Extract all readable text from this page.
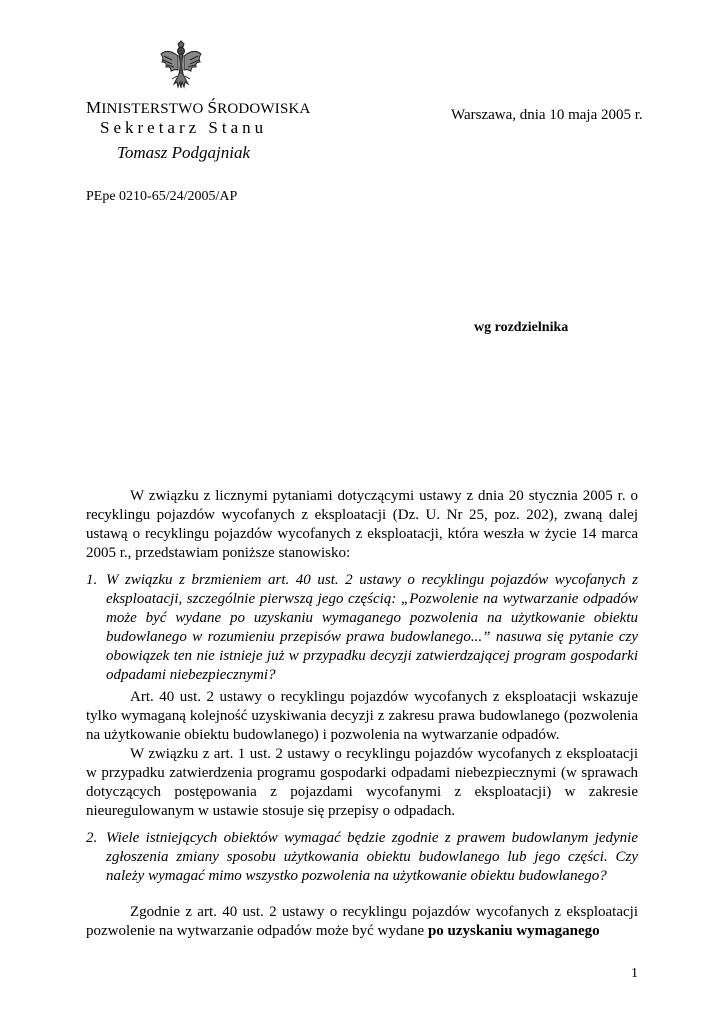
MINISTERSTWO ŚRODOWISKA
Sekretarz Stanu
Tomasz Podgajniak
Warszawa, dnia 10 maja 2005 r.
PEpe 0210-65/24/2005/AP
wg rozdzielnika
W związku z licznymi pytaniami dotyczącymi ustawy z dnia 20 stycznia 2005 r. o recyklingu pojazdów wycofanych z eksploatacji (Dz. U. Nr 25, poz. 202), zwaną dalej ustawą o recyklingu pojazdów wycofanych z eksploatacji, która weszła w życie 14 marca 2005 r., przedstawiam poniższe stanowisko:
1. W związku z brzmieniem art. 40 ust. 2 ustawy o recyklingu pojazdów wycofanych z eksploatacji, szczególnie pierwszą jego częścią: „Pozwolenie na wytwarzanie odpadów może być wydane po uzyskaniu wymaganego pozwolenia na użytkowanie obiektu budowlanego w rozumieniu przepisów prawa budowlanego...” nasuwa się pytanie czy obowiązek ten nie istnieje już w przypadku decyzji zatwierdzającej program gospodarki odpadami niebezpiecznymi?
Art. 40 ust. 2 ustawy o recyklingu pojazdów wycofanych z eksploatacji wskazuje tylko wymaganą kolejność uzyskiwania decyzji z zakresu prawa budowlanego (pozwolenia na użytkowanie obiektu budowlanego) i pozwolenia na wytwarzanie odpadów.
W związku z art. 1 ust. 2 ustawy o recyklingu pojazdów wycofanych z eksploatacji w przypadku zatwierdzenia programu gospodarki odpadami niebezpiecznymi (w sprawach dotyczących postępowania z pojazdami wycofanymi z eksploatacji) w zakresie nieuregulowanym w ustawie stosuje się przepisy o odpadach.
2. Wiele istniejących obiektów wymagać będzie zgodnie z prawem budowlanym jedynie zgłoszenia zmiany sposobu użytkowania obiektu budowlanego lub jego części. Czy należy wymagać mimo wszystko pozwolenia na użytkowanie obiektu budowlanego?
Zgodnie z art. 40 ust. 2 ustawy o recyklingu pojazdów wycofanych z eksploatacji pozwolenie na wytwarzanie odpadów może być wydane po uzyskaniu wymaganego
1
